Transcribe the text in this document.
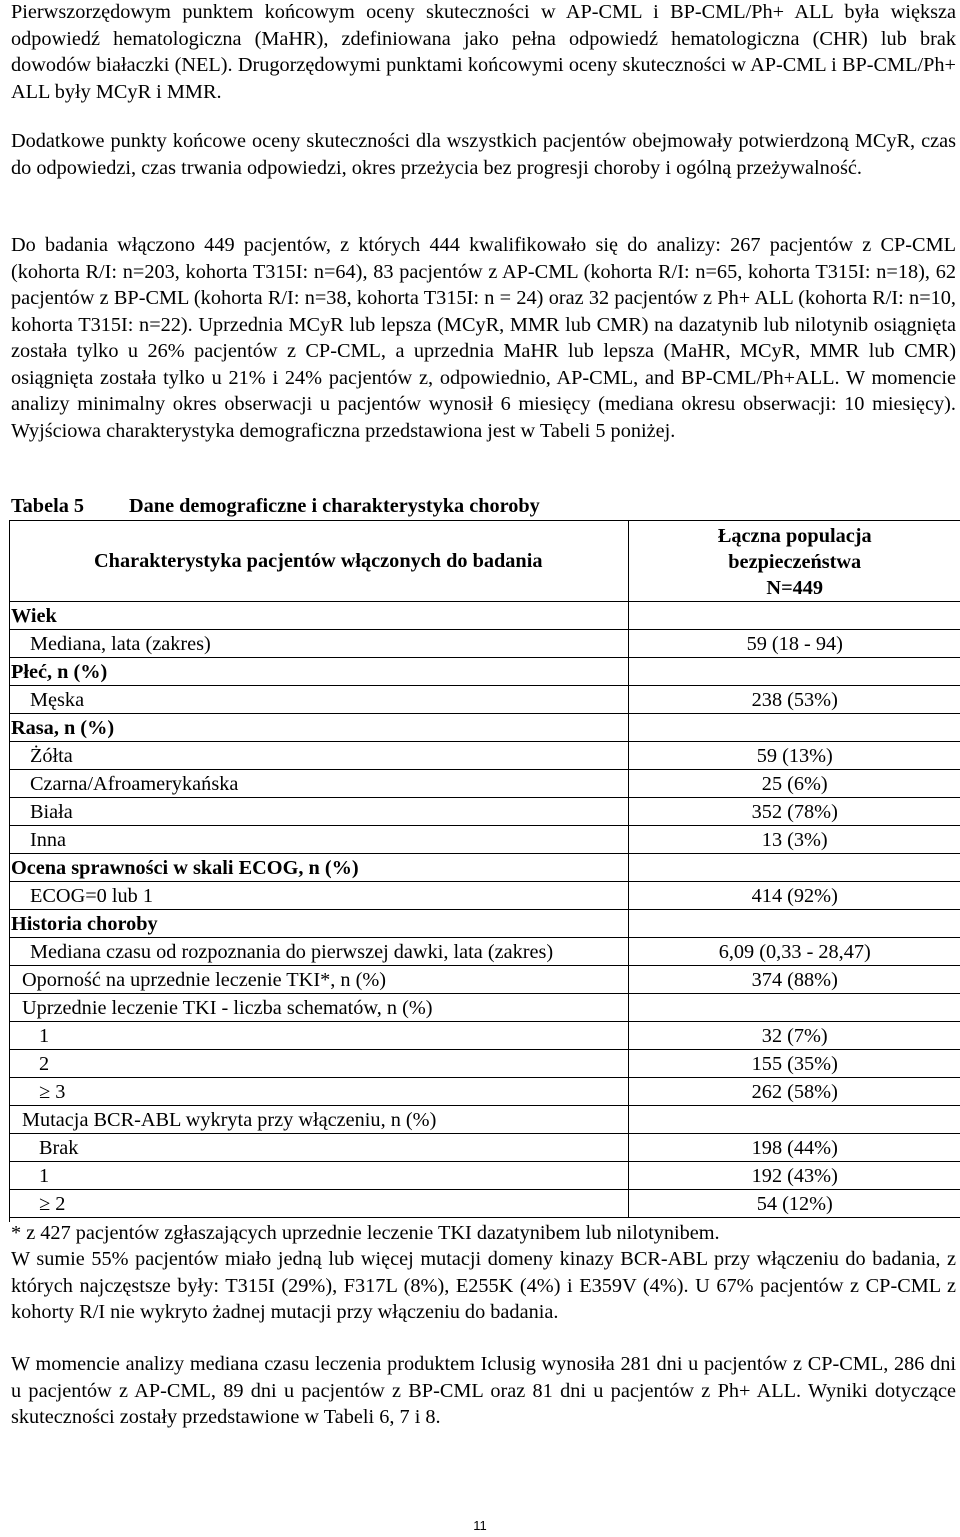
Pierwszorzędowym punktem końcowym oceny skuteczności w AP-CML i BP-CML/Ph+ ALL była większa odpowiedź hematologiczna (MaHR), zdefiniowana jako pełna odpowiedź hematologiczna (CHR) lub brak dowodów białaczki (NEL). Drugorzędowymi punktami końcowymi oceny skuteczności w AP-CML i BP-CML/Ph+ ALL były MCyR i MMR.

Dodatkowe punkty końcowe oceny skuteczności dla wszystkich pacjentów obejmowały potwierdzoną MCyR, czas do odpowiedzi, czas trwania odpowiedzi, okres przeżycia bez progresji choroby i ogólną przeżywalność.

Do badania włączono 449 pacjentów, z których 444 kwalifikowało się do analizy: 267 pacjentów z CP-CML (kohorta R/I: n=203, kohorta T315I: n=64), 83 pacjentów z AP-CML (kohorta R/I: n=65, kohorta T315I: n=18), 62 pacjentów z BP-CML (kohorta R/I: n=38, kohorta T315I: n = 24) oraz 32 pacjentów z Ph+ ALL (kohorta R/I: n=10, kohorta T315I: n=22). Uprzednia MCyR lub lepsza (MCyR, MMR lub CMR) na dazatynib lub nilotynib osiągnięta została tylko u 26% pacjentów z CP-CML, a uprzednia MaHR lub lepsza (MaHR, MCyR, MMR lub CMR) osiągnięta została tylko u 21% i 24% pacjentów z, odpowiednio, AP-CML, and BP-CML/Ph+ALL. W momencie analizy minimalny okres obserwacji u pacjentów wynosił 6 miesięcy (mediana okresu obserwacji: 10 miesięcy). Wyjściowa charakterystyka demograficzna przedstawiona jest w Tabeli 5 poniżej.

Tabela 5 Dane demograficzne i charakterystyka choroby
Charakterystyka pacjentów włączonych do badania	Łączna populacja
bezpieczeństwa
N=449

Wiek	
Mediana, lata (zakres)	59 (18 - 94)
Płeć, n (%)	
Męska	238 (53%)
Rasa, n (%)	
Żółta	59 (13%)
Czarna/Afroamerykańska	25 (6%)
Biała	352 (78%)
Inna	13 (3%)
Ocena sprawności w skali ECOG, n (%)	
ECOG=0 lub 1	414 (92%)
Historia choroby	
Mediana czasu od rozpoznania do pierwszej dawki, lata (zakres)	6,09 (0,33 - 28,47)
Oporność na uprzednie leczenie TKI*, n (%)	374 (88%)
Uprzednie leczenie TKI - liczba schematów, n (%)	
1	32 (7%)
2	155 (35%)
≥ 3	262 (58%)
Mutacja BCR-ABL wykryta przy włączeniu, n (%)	
Brak	198 (44%)
1	192 (43%)
≥ 2	54 (12%)
* z 427 pacjentów zgłaszających uprzednie leczenie TKI dazatynibem lub nilotynibem.	

W sumie 55% pacjentów miało jedną lub więcej mutacji domeny kinazy BCR-ABL przy włączeniu do badania, z których najczęstsze były: T315I (29%), F317L (8%), E255K (4%) i E359V (4%). U 67% pacjentów z CP-CML z kohorty R/I nie wykryto żadnej mutacji przy włączeniu do badania.

W momencie analizy mediana czasu leczenia produktem Iclusig wynosiła 281 dni u pacjentów z CP-CML, 286 dni u pacjentów z AP-CML, 89 dni u pacjentów z BP-CML oraz 81 dni u pacjentów z Ph+ ALL. Wyniki dotyczące skuteczności zostały przedstawione w Tabeli 6, 7 i 8.

11
